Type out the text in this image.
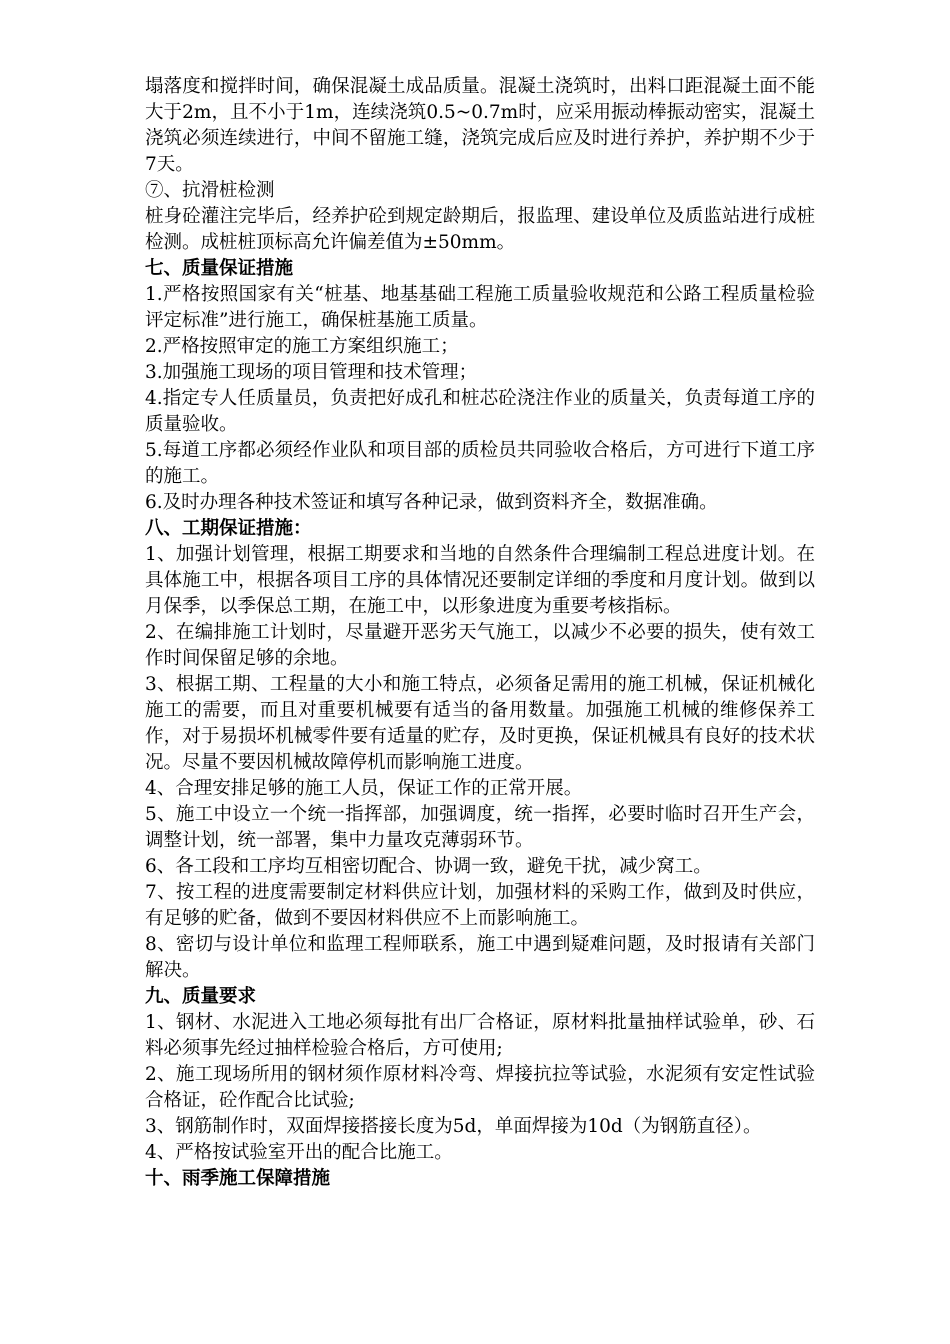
塌落度和搅拌时间，确保混凝土成品质量。混凝土浇筑时，出料口距混凝土面不能大于2m，且不小于1m，连续浇筑0.5~0.7m时，应采用振动棒振动密实，混凝土浇筑必须连续进行，中间不留施工缝，浇筑完成后应及时进行养护，养护期不少于7天。

⑦、抗滑桩检测

桩身砼灌注完毕后，经养护砼到规定龄期后，报监理、建设单位及质监站进行成桩检测。成桩桩顶标高允许偏差值为±50mm。

七、质量保证措施

1.严格按照国家有关“桩基、地基基础工程施工质量验收规范和公路工程质量检验评定标准”进行施工，确保桩基施工质量。

2.严格按照审定的施工方案组织施工；

3.加强施工现场的项目管理和技术管理；

4.指定专人任质量员，负责把好成孔和桩芯砼浇注作业的质量关，负责每道工序的质量验收。

5.每道工序都必须经作业队和项目部的质检员共同验收合格后，方可进行下道工序的施工。

6.及时办理各种技术签证和填写各种记录，做到资料齐全，数据准确。

八、工期保证措施：

1、加强计划管理，根据工期要求和当地的自然条件合理编制工程总进度计划。在具体施工中，根据各项目工序的具体情况还要制定详细的季度和月度计划。做到以月保季，以季保总工期，在施工中，以形象进度为重要考核指标。

2、在编排施工计划时，尽量避开恶劣天气施工，以减少不必要的损失，使有效工作时间保留足够的余地。

3、根据工期、工程量的大小和施工特点，必须备足需用的施工机械，保证机械化施工的需要，而且对重要机械要有适当的备用数量。加强施工机械的维修保养工作，对于易损坏机械零件要有适量的贮存，及时更换，保证机械具有良好的技术状况。尽量不要因机械故障停机而影响施工进度。

4、合理安排足够的施工人员，保证工作的正常开展。

5、施工中设立一个统一指挥部，加强调度，统一指挥，必要时临时召开生产会，调整计划，统一部署，集中力量攻克薄弱环节。

6、各工段和工序均互相密切配合、协调一致，避免干扰，减少窝工。

7、按工程的进度需要制定材料供应计划，加强材料的采购工作，做到及时供应，有足够的贮备，做到不要因材料供应不上而影响施工。

8、密切与设计单位和监理工程师联系，施工中遇到疑难问题，及时报请有关部门解决。

九、质量要求

1、钢材、水泥进入工地必须每批有出厂合格证，原材料批量抽样试验单，砂、石料必须事先经过抽样检验合格后，方可使用;

2、施工现场所用的钢材须作原材料冷弯、焊接抗拉等试验，水泥须有安定性试验合格证，砼作配合比试验;

3、钢筋制作时，双面焊接搭接长度为5d，单面焊接为10d（为钢筋直径）。

4、严格按试验室开出的配合比施工。

十、雨季施工保障措施
